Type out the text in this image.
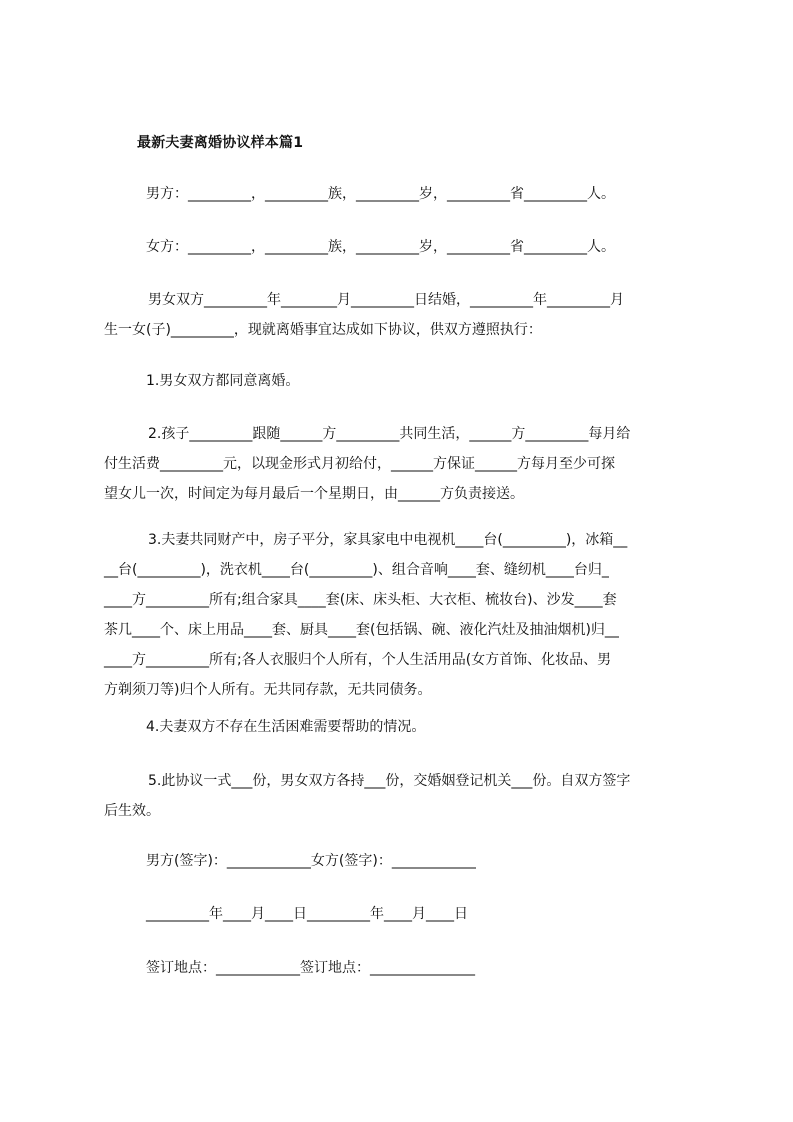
最新夫妻离婚协议样本篇1
男方：_________，_________族，_________岁，_________省_________人。
女方：_________，_________族，_________岁，_________省_________人。
男女双方_________年________月_________日结婚，_________年_________月
生一女(子)_________，现就离婚事宜达成如下协议，供双方遵照执行：
1.男女双方都同意离婚。
2.孩子_________跟随______方_________共同生活，______方_________每月给
付生活费_________元，以现金形式月初给付，______方保证______方每月至少可探
望女儿一次，时间定为每月最后一个星期日，由______方负责接送。
3.夫妻共同财产中，房子平分，家具家电中电视机____台(_________)，冰箱__
__台(_________)，洗衣机____台(_________)、组合音响____套、缝纫机____台归_
____方_________所有;组合家具____套(床、床头柜、大衣柜、梳妆台)、沙发____套
茶几____个、床上用品____套、厨具____套(包括锅、碗、液化汽灶及抽油烟机)归__
____方_________所有;各人衣服归个人所有，个人生活用品(女方首饰、化妆品、男
方剃须刀等)归个人所有。无共同存款，无共同债务。
4.夫妻双方不存在生活困难需要帮助的情况。
5.此协议一式___份，男女双方各持___份，交婚姻登记机关___份。自双方签字
后生效。
男方(签字)：____________女方(签字)：____________
_________年____月____日_________年____月____日
签订地点：____________签订地点：_______________
